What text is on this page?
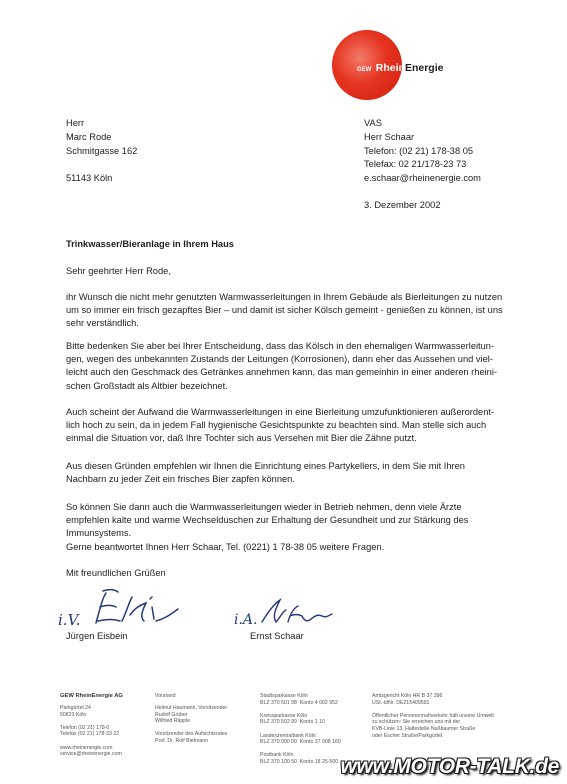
GEW RheinEnergie
Herr
Marc Rode
Schmitgasse 162
51143 Köln
VAS
Herr Schaar
Telefon: (02 21) 178-38 05
Telefax: 02 21/178-23 73
e.schaar@rheinenergie.com
3. Dezember 2002
Trinkwasser/Bieranlage in Ihrem Haus
Sehr geehrter Herr Rode,
ihr Wunsch die nicht mehr genutzten Warmwasserleitungen in Ihrem Gebäude als Bierleitungen zu nutzen
um so immer ein frisch gezapftes Bier – und damit ist sicher Kölsch gemeint - genießen zu können, ist uns
sehr verständlich.
Bitte bedenken Sie aber bei Ihrer Entscheidung, dass das Kölsch in den ehemaligen Warmwasserleitun-
gen, wegen des unbekannten Zustands der Leitungen (Korrosionen), dann eher das Aussehen und viel-
leicht auch den Geschmack des Getränkes annehmen kann, das man gemeinhin in einer anderen rheini-
schen Großstadt als Altbier bezeichnet.
Auch scheint der Aufwand die Warmwasserleitungen in eine Bierleitung umzufunktionieren außerordent-
lich hoch zu sein, da in jedem Fall hygienische Gesichtspunkte zu beachten sind. Man stelle sich auch
einmal die Situation vor, daß Ihre Tochter sich aus Versehen mit Bier die Zähne putzt.
Aus diesen Gründen empfehlen wir Ihnen die Einrichtung eines Partykellers, in dem Sie mit Ihren
Nachbarn zu jeder Zeit ein frisches Bier zapfen können.
So können Sie dann auch die Warmwasserleitungen wieder in Betrieb nehmen, denn viele Ärzte
empfehlen kalte und warme Wechselduschen zur Erhaltung der Gesundheit und zur Stärkung des
Immunsystems.
Gerne beantwortet Ihnen Herr Schaar, Tel. (0221) 1 78-38 05 weitere Fragen.
Mit freundlichen Grüßen
i.V.	i.A.
Jürgen Eisbein	Ernst Schaar
GEW RheinEnergie AG
Parkgürtel 24
50823 Köln

Telefon (02 21) 178-0
Telefax (02 21) 178-33 22

www.rheinenergie.com
service@rheinenergie.com
Vorstand
Helmut Haumann, Vorsitzender
Rudolf Gruber
Wilfried Räpple

Vorsitzender des Aufsichtsrates
Prof. Dr. Rolf Bietmann
Stadtsparkasse Köln
BLZ 370 501 98  Konto 4 002 952

Kreissparkasse Köln
BLZ 370 502 99  Konto 1 10

Landeszentralbank Köln
BLZ 370 000 00  Konto 37 008 160

Postbank Köln
BLZ 370 100 50  Konto 18 25-500
Amtsgericht Köln HR B 37 396
USt.-IdNr. DE215409591

Öffentlicher Personennahverkehr hält unsere Umwelt
zu schützen: Sie erreichen uns mit der
KVB-Linie 13, Haltestelle Nußbaumer Straße
oder Escher Straße/Parkgürtel.
www.MOTOR-TALK.de
